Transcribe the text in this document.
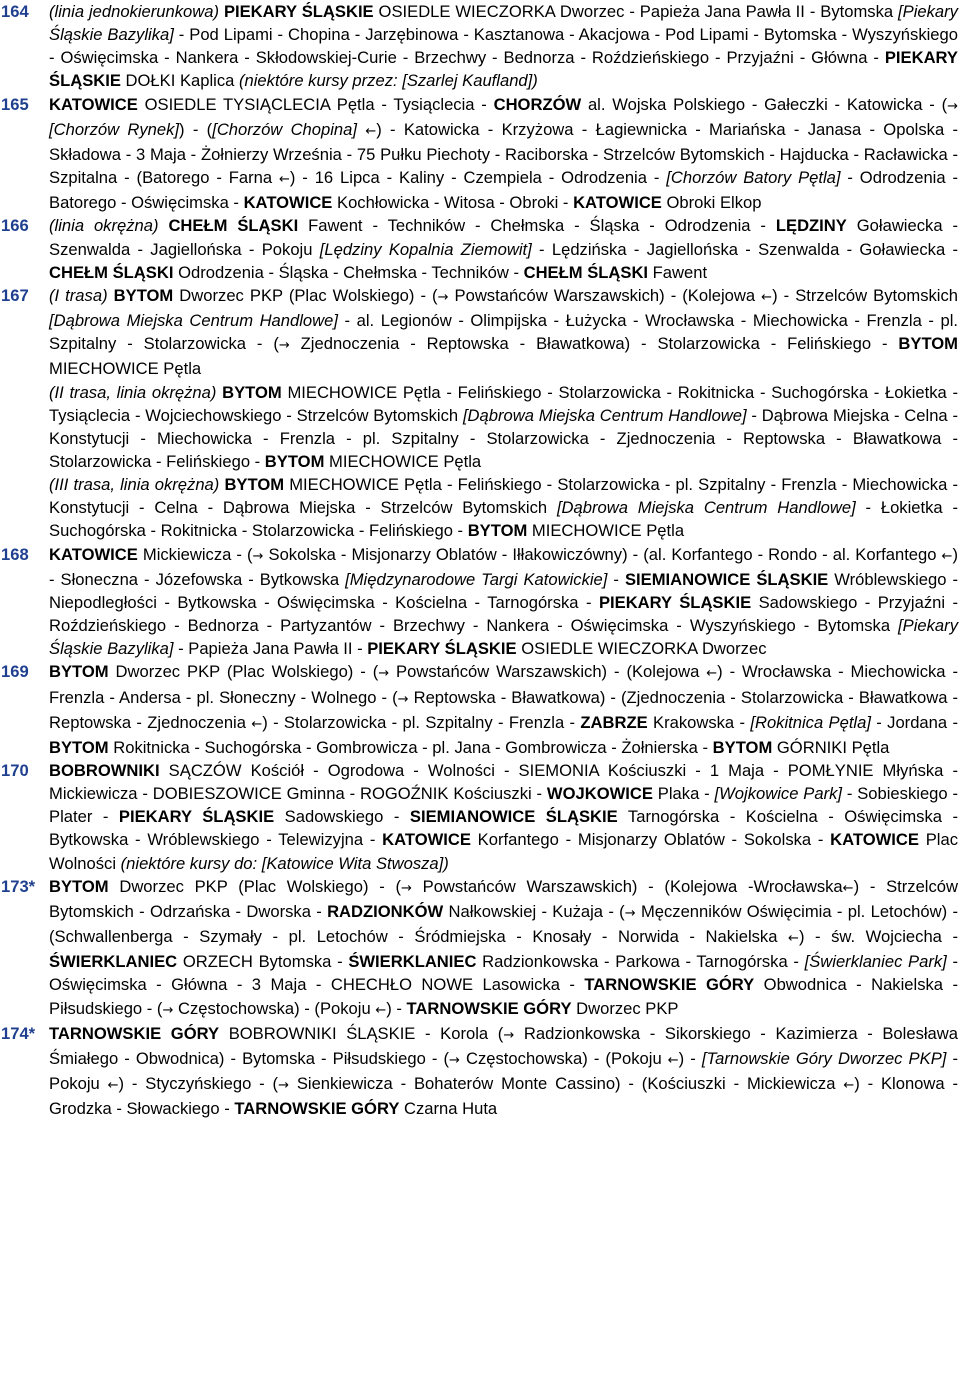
164	(linia jednokierunkowa) PIEKARY ŚLĄSKIE OSIEDLE WIECZORKA Dworzec - Papieża Jana Pawła II - Bytomska [Piekary Śląskie Bazylika] - Pod Lipami - Chopina - Jarzębinowa - Kasztanowa - Akacjowa - Pod Lipami - Bytomska - Wyszyńskiego - Oświęcimska - Nankera - Skłodowskiej-Curie - Brzechwy - Bednorza - Roździeńskiego - Przyjaźni - Główna - PIEKARY ŚLĄSKIE DOŁKI Kaplica (niektóre kursy przez: [Szarlej Kaufland])
165	KATOWICE OSIEDLE TYSIĄCLECIA Pętla - Tysiąclecia - CHORZÓW al. Wojska Polskiego - Gałeczki - Katowicka - (→ [Chorzów Rynek]) - ([Chorzów Chopina] ←) - Katowicka - Krzyżowa - Łagiewnicka - Mariańska - Janasa - Opolska - Składowa - 3 Maja - Żołnierzy Września - 75 Pułku Piechoty - Raciborska - Strzelców Bytomskich - Hajducka - Racławicka - Szpitalna - (Batorego - Farna ←) - 16 Lipca - Kaliny - Czempiela - Odrodzenia - [Chorzów Batory Pętla] - Odrodzenia - Batorego - Oświęcimska - KATOWICE Kochłowicka - Witosa - Obroki - KATOWICE Obroki Elkop
166	(linia okrężna) CHEŁM ŚLĄSKI Fawent - Techników - Chełmska - Śląska - Odrodzenia - LĘDZINY Goławiecka - Szenwalda - Jagiellońska - Pokoju [Lędziny Kopalnia Ziemowit] - Lędzińska - Jagiellońska - Szenwalda - Goławiecka - CHEŁM ŚLĄSKI Odrodzenia - Śląska - Chełmska - Techników - CHEŁM ŚLĄSKI Fawent
167	(I trasa) BYTOM Dworzec PKP (Plac Wolskiego) - (→ Powstańców Warszawskich) - (Kolejowa ←) - Strzelców Bytomskich [Dąbrowa Miejska Centrum Handlowe] - al. Legionów - Olimpijska - Łużycka - Wrocławska - Miechowicka - Frenzla - pl. Szpitalny - Stolarzowicka - (→ Zjednoczenia - Reptowska - Bławatkowa) - Stolarzowicka - Felińskiego - BYTOM MIECHOWICE Pętla
(II trasa, linia okrężna) BYTOM MIECHOWICE Pętla - Felińskiego - Stolarzowicka - Rokitnicka - Suchogórska - Łokietka - Tysiąclecia - Wojciechowskiego - Strzelców Bytomskich [Dąbrowa Miejska Centrum Handlowe] - Dąbrowa Miejska - Celna - Konstytucji - Miechowicka - Frenzla - pl. Szpitalny - Stolarzowicka - Zjednoczenia - Reptowska - Bławatkowa - Stolarzowicka - Felińskiego - BYTOM MIECHOWICE Pętla
(III trasa, linia okrężna) BYTOM MIECHOWICE Pętla - Felińskiego - Stolarzowicka - pl. Szpitalny - Frenzla - Miechowicka - Konstytucji - Celna - Dąbrowa Miejska - Strzelców Bytomskich [Dąbrowa Miejska Centrum Handlowe] - Łokietka - Suchogórska - Rokitnicka - Stolarzowicka - Felińskiego - BYTOM MIECHOWICE Pętla
168	KATOWICE Mickiewicza - (→ Sokolska - Misjonarzy Oblatów - Iłłakowiczówny) - (al. Korfantego - Rondo - al. Korfantego ←) - Słoneczna - Józefowska - Bytkowska [Międzynarodowe Targi Katowickie] - SIEMIANOWICE ŚLĄSKIE Wróblewskiego - Niepodległości - Bytkowska - Oświęcimska - Kościelna - Tarnogórska - PIEKARY ŚLĄSKIE Sadowskiego - Przyjaźni - Roździeńskiego - Bednorza - Partyzantów - Brzechwy - Nankera - Oświęcimska - Wyszyńskiego - Bytomska [Piekary Śląskie Bazylika] - Papieża Jana Pawła II - PIEKARY ŚLĄSKIE OSIEDLE WIECZORKA Dworzec
169	BYTOM Dworzec PKP (Plac Wolskiego) - (→ Powstańców Warszawskich) - (Kolejowa ←) - Wrocławska - Miechowicka - Frenzla - Andersa - pl. Słoneczny - Wolnego - (→ Reptowska - Bławatkowa) - (Zjednoczenia - Stolarzowicka - Bławatkowa - Reptowska - Zjednoczenia ←) - Stolarzowicka - pl. Szpitalny - Frenzla - ZABRZE Krakowska - [Rokitnica Pętla] - Jordana - BYTOM Rokitnicka - Suchogórska - Gombrowicza - pl. Jana - Gombrowicza - Żołnierska - BYTOM GÓRNIKI Pętla
170	BOBROWNIKI SĄCZÓW Kościół - Ogrodowa - Wolności - SIEMONIA Kościuszki - 1 Maja - POMŁYNIE Młyńska - Mickiewicza - DOBIESZOWICE Gminna - ROGOŹNIK Kościuszki - WOJKOWICE Plaka - [Wojkowice Park] - Sobieskiego - Plater - PIEKARY ŚLĄSKIE Sadowskiego - SIEMIANOWICE ŚLĄSKIE Tarnogórska - Kościelna - Oświęcimska - Bytkowska - Wróblewskiego - Telewizyjna - KATOWICE Korfantego - Misjonarzy Oblatów - Sokolska - KATOWICE Plac Wolności (niektóre kursy do: [Katowice Wita Stwosza])
173* BYTOM Dworzec PKP (Plac Wolskiego) - (→ Powstańców Warszawskich) - (Kolejowa -Wrocławska←) - Strzelców Bytomskich - Odrzańska - Dworska - RADZIONKÓW Nałkowskiej - Kużaja - (→ Męczenników Oświęcimia - pl. Letochów) - (Schwallenberga - Szymały - pl. Letochów - Śródmiejska - Knosały - Norwida - Nakielska ←) - św. Wojciecha - ŚWIERKLANIEC ORZECH Bytomska - ŚWIERKLANIEC Radzionkowska - Parkowa - Tarnogórska - [Świerklaniec Park] - Oświęcimska - Główna - 3 Maja - CHECHŁO NOWE Lasowicka - TARNOWSKIE GÓRY Obwodnica - Nakielska - Piłsudskiego - (→ Częstochowska) - (Pokoju ←) - TARNOWSKIE GÓRY Dworzec PKP
174* TARNOWSKIE GÓRY BOBROWNIKI ŚLĄSKIE - Korola (→ Radzionkowska - Sikorskiego - Kazimierza - Bolesława Śmiałego - Obwodnica) - Bytomska - Piłsudskiego - (→ Częstochowska) - (Pokoju ←) - [Tarnowskie Góry Dworzec PKP] - Pokoju ←) - Styczyńskiego - (→ Sienkiewicza - Bohaterów Monte Cassino) - (Kościuszki - Mickiewicza ←) - Klonowa - Grodzka - Słowackiego - TARNOWSKIE GÓRY Czarna Huta
